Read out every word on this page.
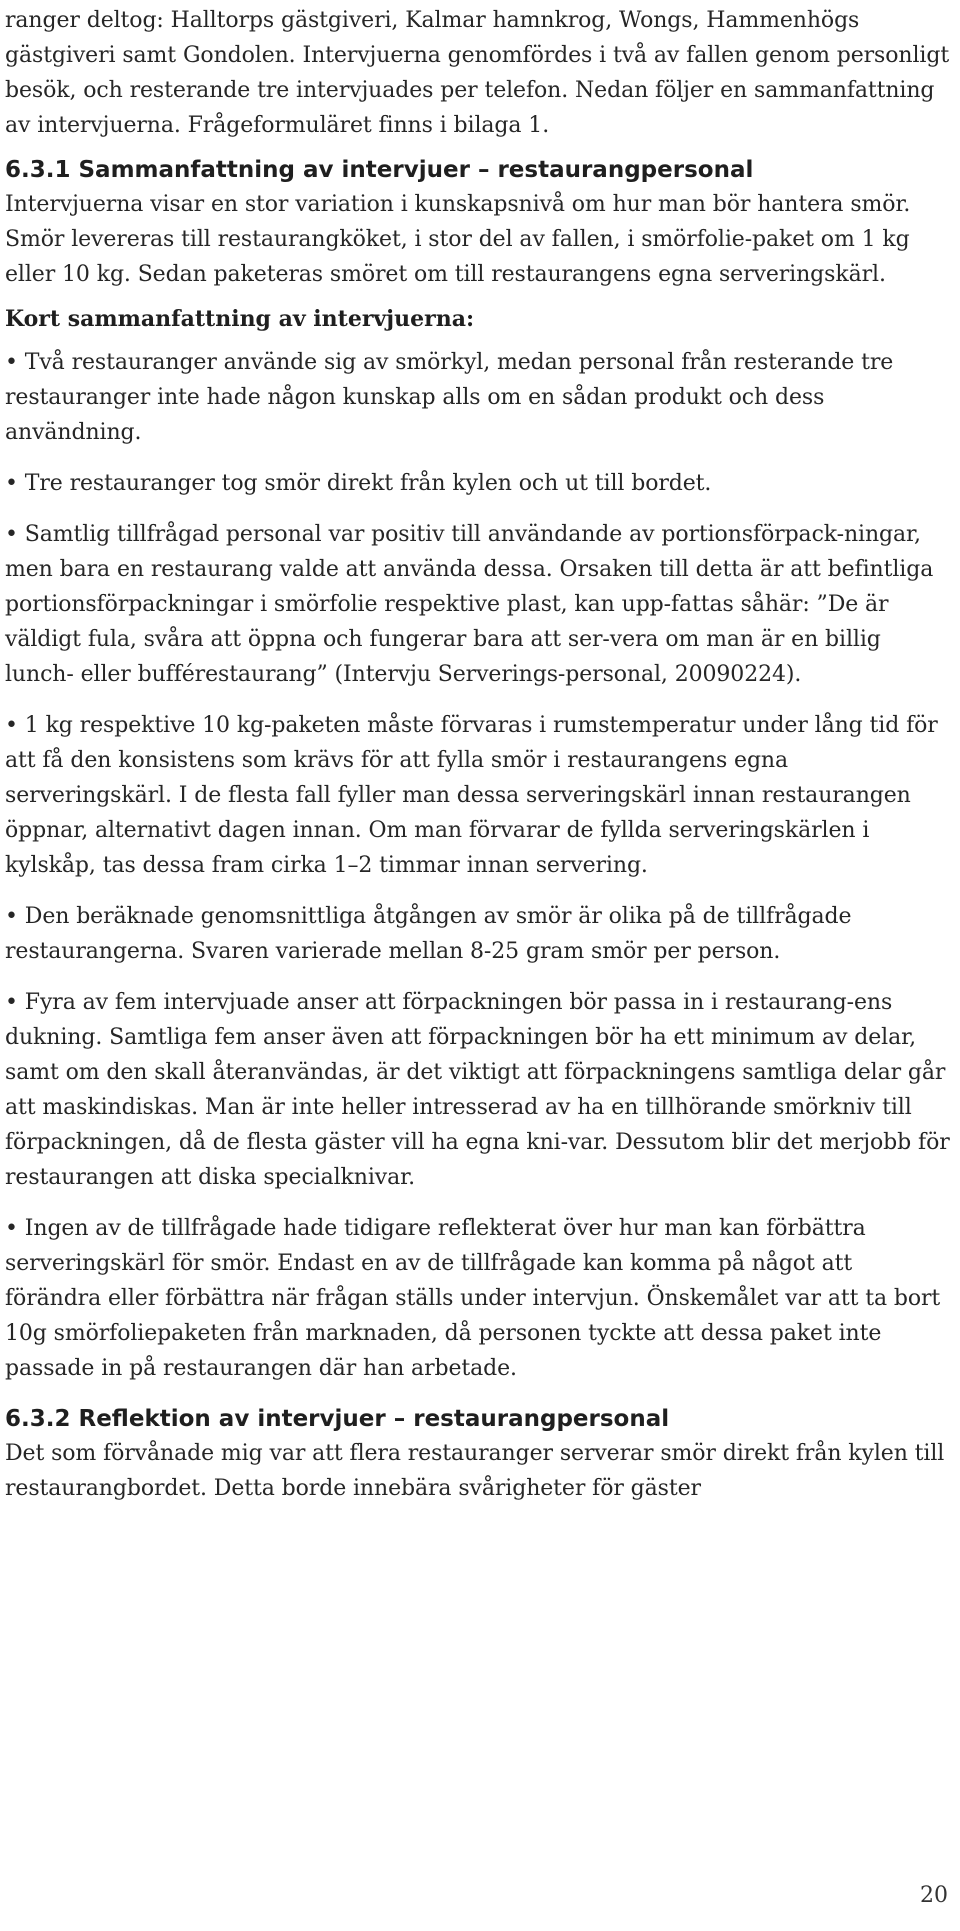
ranger deltog: Halltorps gästgiveri, Kalmar hamnkrog, Wongs, Hammenhögs gästgiveri samt Gondolen. Intervjuerna genomfördes i två av fallen genom personligt besök, och resterande tre intervjuades per telefon. Nedan följer en sammanfattning av intervjuerna. Frågeformuläret finns i bilaga 1.

6.3.1 Sammanfattning av intervjuer – restaurangpersonal

Intervjuerna visar en stor variation i kunskapsnivå om hur man bör hantera smör. Smör levereras till restaurangköket, i stor del av fallen, i smörfolie-paket om 1 kg eller 10 kg. Sedan paketeras smöret om till restaurangens egna serveringskärl.

Kort sammanfattning av intervjuerna:

• Två restauranger använde sig av smörkyl, medan personal från resterande tre restauranger inte hade någon kunskap alls om en sådan produkt och dess användning.

• Tre restauranger tog smör direkt från kylen och ut till bordet.

• Samtlig tillfrågad personal var positiv till användande av portionsförpack-ningar, men bara en restaurang valde att använda dessa. Orsaken till detta är att befintliga portionsförpackningar i smörfolie respektive plast, kan upp-fattas såhär: ”De är väldigt fula, svåra att öppna och fungerar bara att ser-vera om man är en billig lunch- eller bufférestaurang” (Intervju Serverings-personal, 20090224).

• 1 kg respektive 10 kg-paketen måste förvaras i rumstemperatur under lång tid för att få den konsistens som krävs för att fylla smör i restaurangens egna serveringskärl. I de flesta fall fyller man dessa serveringskärl innan restaurangen öppnar, alternativt dagen innan. Om man förvarar de fyllda serveringskärlen i kylskåp, tas dessa fram cirka 1–2 timmar innan servering.

• Den beräknade genomsnittliga åtgången av smör är olika på de tillfrågade restaurangerna. Svaren varierade mellan 8-25 gram smör per person.

• Fyra av fem intervjuade anser att förpackningen bör passa in i restaurang-ens dukning. Samtliga fem anser även att förpackningen bör ha ett minimum av delar, samt om den skall återanvändas, är det viktigt att förpackningens samtliga delar går att maskindiskas. Man är inte heller intresserad av ha en tillhörande smörkniv till förpackningen, då de flesta gäster vill ha egna kni-var. Dessutom blir det merjobb för restaurangen att diska specialknivar.

• Ingen av de tillfrågade hade tidigare reflekterat över hur man kan förbättra serveringskärl för smör. Endast en av de tillfrågade kan komma på något att förändra eller förbättra när frågan ställs under intervjun. Önskemålet var att ta bort 10g smörfoliepaketen från marknaden, då personen tyckte att dessa paket inte passade in på restaurangen där han arbetade.

6.3.2 Reflektion av intervjuer – restaurangpersonal

Det som förvånade mig var att flera restauranger serverar smör direkt från kylen till restaurangbordet. Detta borde innebära svårigheter för gäster

20
